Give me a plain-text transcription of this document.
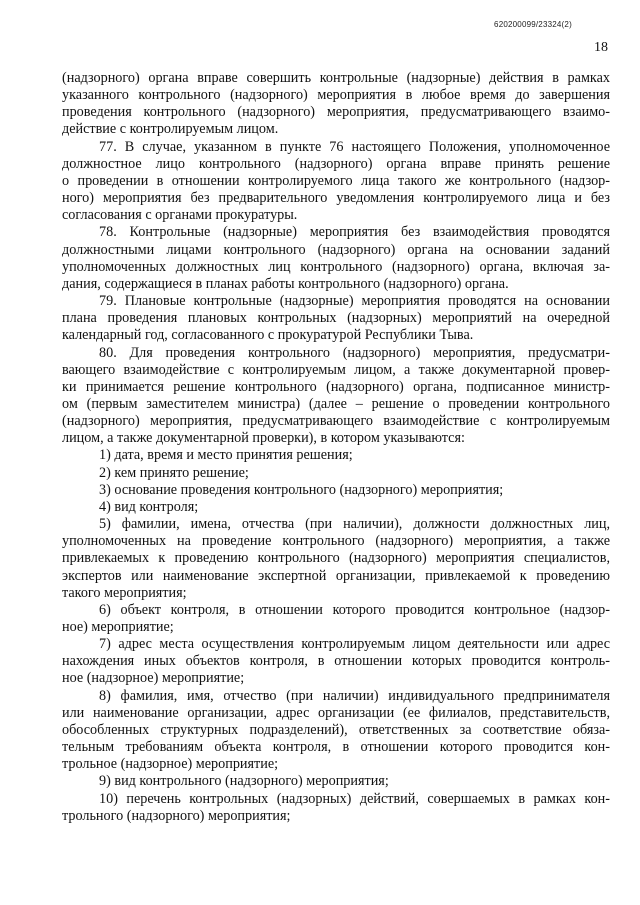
620200099/23324(2)
18

(надзорного) органа вправе совершить контрольные (надзорные) действия в рамках

указанного контрольного (надзорного) мероприятия в любое время до завершения

проведения контрольного (надзорного) мероприятия, предусматривающего взаимо-

действие с контролируемым лицом.

77. В случае, указанном в пункте 76 настоящего Положения, уполномоченное

должностное лицо контрольного (надзорного) органа вправе принять решение

о проведении в отношении контролируемого лица такого же контрольного (надзор-

ного) мероприятия без предварительного уведомления контролируемого лица и без

согласования с органами прокуратуры.

78. Контрольные (надзорные) мероприятия без взаимодействия проводятся

должностными лицами контрольного (надзорного) органа на основании заданий

уполномоченных должностных лиц контрольного (надзорного) органа, включая за-

дания, содержащиеся в планах работы контрольного (надзорного) органа.

79. Плановые контрольные (надзорные) мероприятия проводятся на основании

плана проведения плановых контрольных (надзорных) мероприятий на очередной

календарный год, согласованного с прокуратурой Республики Тыва.

80. Для проведения контрольного (надзорного) мероприятия, предусматри-

вающего взаимодействие с контролируемым лицом, а также документарной провер-

ки принимается решение контрольного (надзорного) органа, подписанное министр-

ом (первым заместителем министра) (далее – решение о проведении контрольного

(надзорного) мероприятия, предусматривающего взаимодействие с контролируемым

лицом, а также документарной проверки), в котором указываются:

1) дата, время и место принятия решения;

2) кем принято решение;

3) основание проведения контрольного (надзорного) мероприятия;

4) вид контроля;

5) фамилии, имена, отчества (при наличии), должности должностных лиц,

уполномоченных на проведение контрольного (надзорного) мероприятия, а также

привлекаемых к проведению контрольного (надзорного) мероприятия специалистов,

экспертов или наименование экспертной организации, привлекаемой к проведению

такого мероприятия;

6) объект контроля, в отношении которого проводится контрольное (надзор-

ное) мероприятие;

7) адрес места осуществления контролируемым лицом деятельности или адрес

нахождения иных объектов контроля, в отношении которых проводится контроль-

ное (надзорное) мероприятие;

8) фамилия, имя, отчество (при наличии) индивидуального предпринимателя

или наименование организации, адрес организации (ее филиалов, представительств,

обособленных структурных подразделений), ответственных за соответствие обяза-

тельным требованиям объекта контроля, в отношении которого проводится кон-

трольное (надзорное) мероприятие;

9) вид контрольного (надзорного) мероприятия;

10) перечень контрольных (надзорных) действий, совершаемых в рамках кон-

трольного (надзорного) мероприятия;
